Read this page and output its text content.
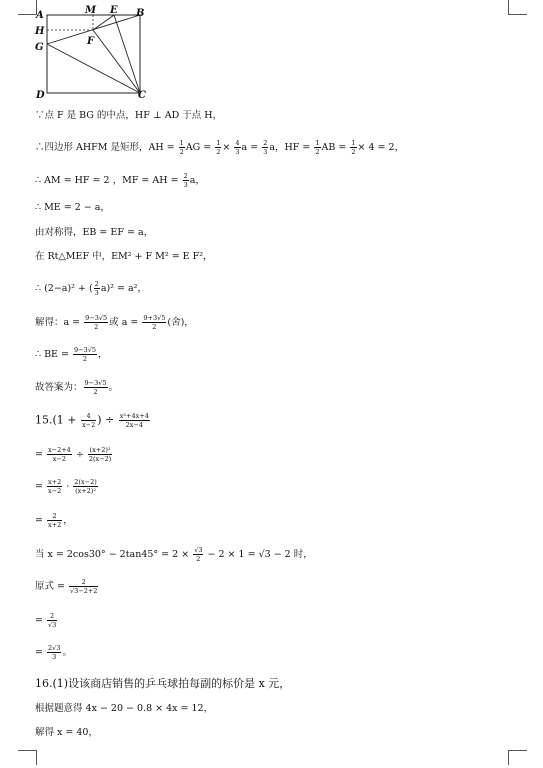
A	M E B
H
F
G
D	C
∵点 F 是 BG 的中点，HF ⊥ AD 于点 H，
∴四边形 AHFM 是矩形，AH = $\frac{1}{2}$ AG = $\frac{1}{2} \times \frac{4}{3}$ $a = \frac{2}{3}$ a，HF = $\frac{1}{2}$ AB = $\frac{1}{2} \times 4 = 2$，
∴ AM = HF = 2 ，MF = AH = $\frac{2}{3}$ a，
∴ ME = 2 − a，
由对称得，EB = EF = a，
在 Rt△MEF 中，EM² + F M² = E F²，
∴ (2−a)² + ( $\frac{2}{3} a)^2 = a^2$，
解得：$a = \frac{9-3√5}{2}$ 或 $a = \frac{9+3√5}{2}$ (舍)，
∴ BE = $\frac{9-3√5}{2}$ ，
故答案为： $\frac{9-3√5}{2}$ 。
$15.(1 + \frac{4}{x-2}$ ) ÷ $\frac{\text{x²+4x+4}}{2x-4}$
= $\frac{x-2+4}{x-2} \div \frac{\text{(x+2)²}}{2(x-2)}$
= $\frac{x+2}{x-2} \cdot \frac{2(x-2)}{\text{(x+2)²}}$
= $\frac{2}{x+2}$ ，
当 $x = 2\cos 30^\circ - 2\tan 45^\circ = 2 \times \frac{√3}{2} - 2 \times 1 = √3 - 2$ 时，
原式 = $\frac{2}{√3-2+2}$
= $\frac{2}{√3}$
= $\frac{2√3}{3}$ 。
16.(1)设该商店销售的乒乓球拍每副的标价是 x 元，
根据题意得 4x − 20 − 0.8 × 4x = 12，
解得 x = 40，
